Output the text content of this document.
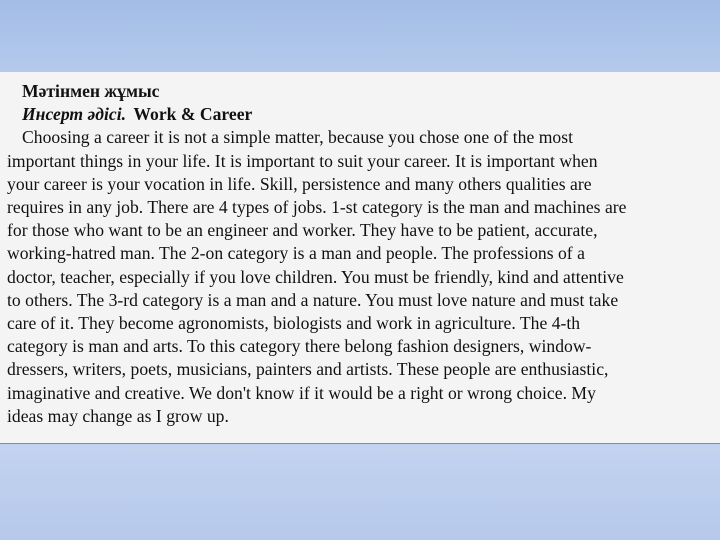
Мәтінмен жұмыс
Инсерт әдісі. Work & Career
Choosing a career it is not a simple matter, because you chose one of the most
important things in your life. It is important to suit your career. It is important when
your career is your vocation in life. Skill, persistence and many others qualities are
requires in any job. There are 4 types of jobs. 1-st category is the man and machines are
for those who want to be an engineer and worker. They have to be patient, accurate,
working-hatred man. The 2-on category is a man and people. The professions of a
doctor, teacher, especially if you love children. You must be friendly, kind and attentive
to others. The 3-rd category is a man and a nature. You must love nature and must take
care of it. They become agronomists, biologists and work in agriculture. The 4-th
category is man and arts. To this category there belong fashion designers, window-
dressers, writers, poets, musicians, painters and artists. These people are enthusiastic,
imaginative and creative. We don't know if it would be a right or wrong choice. My
ideas may change as I grow up.
